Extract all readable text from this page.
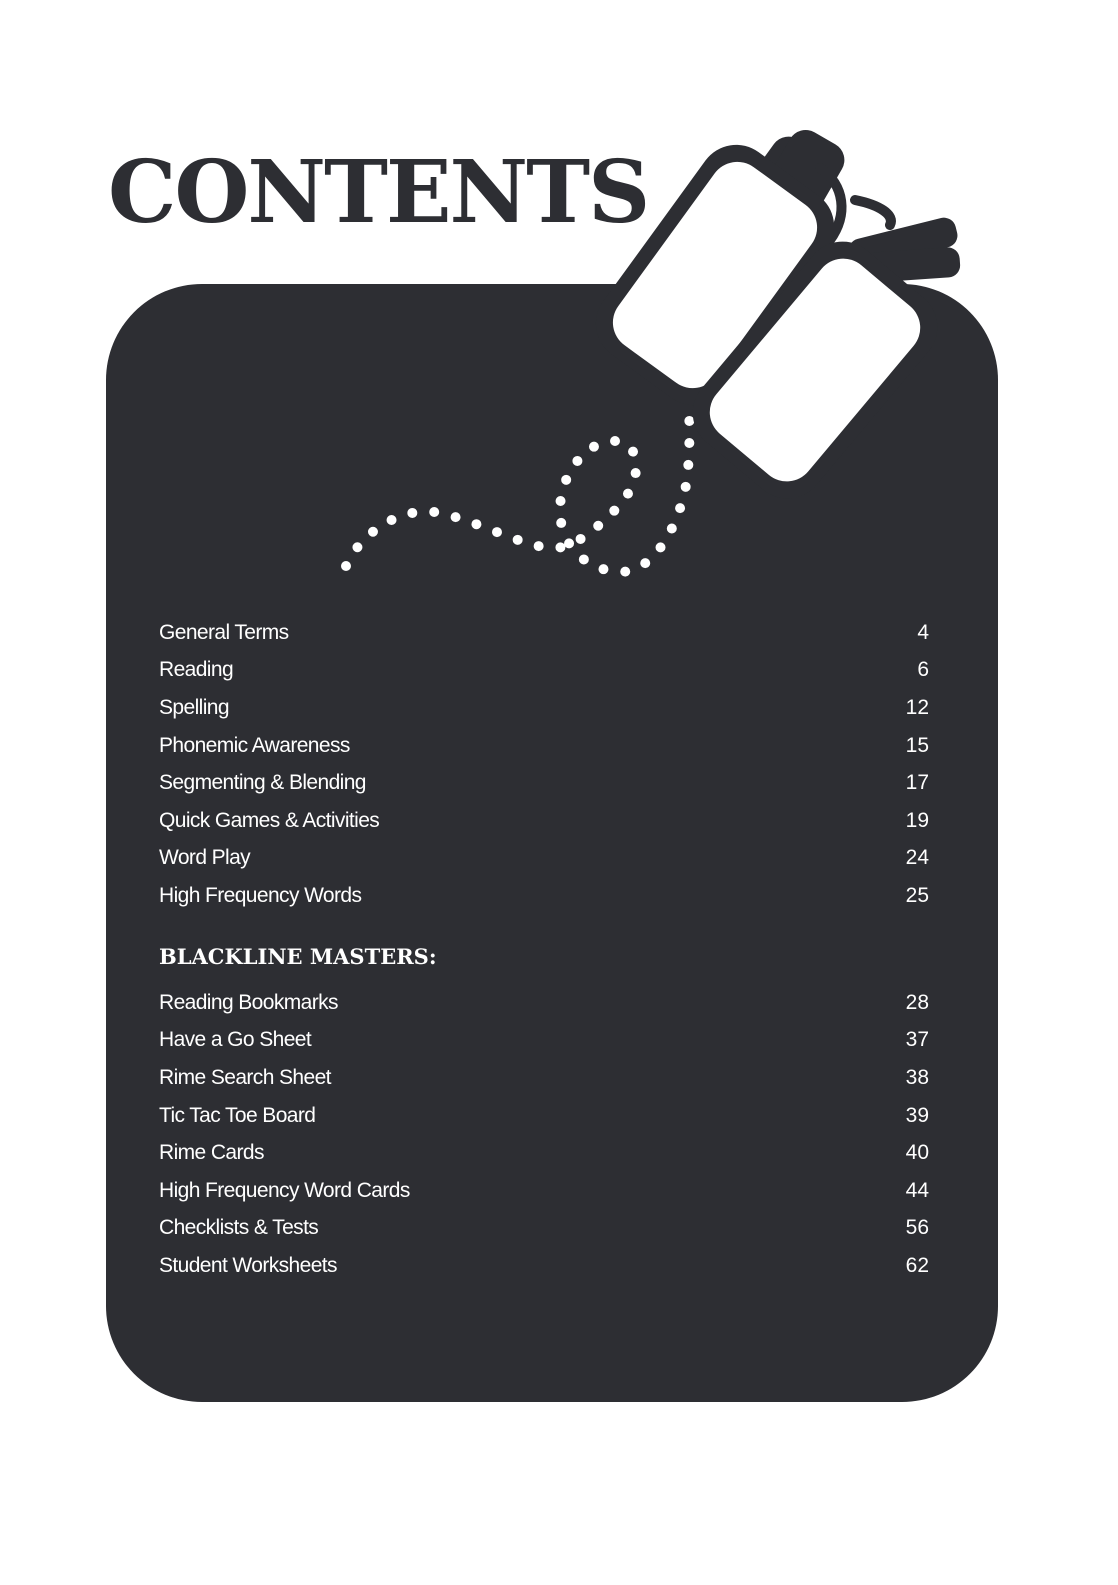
CONTENTS
General Terms	4
Reading	6
Spelling	12
Phonemic Awareness	15
Segmenting & Blending	17
Quick Games & Activities	19
Word Play	24
High Frequency Words	25
BLACKLINE MASTERS:
Reading Bookmarks	28
Have a Go Sheet	37
Rime Search Sheet	38
Tic Tac Toe Board	39
Rime Cards	40
High Frequency Word Cards	44
Checklists & Tests	56
Student Worksheets	62
